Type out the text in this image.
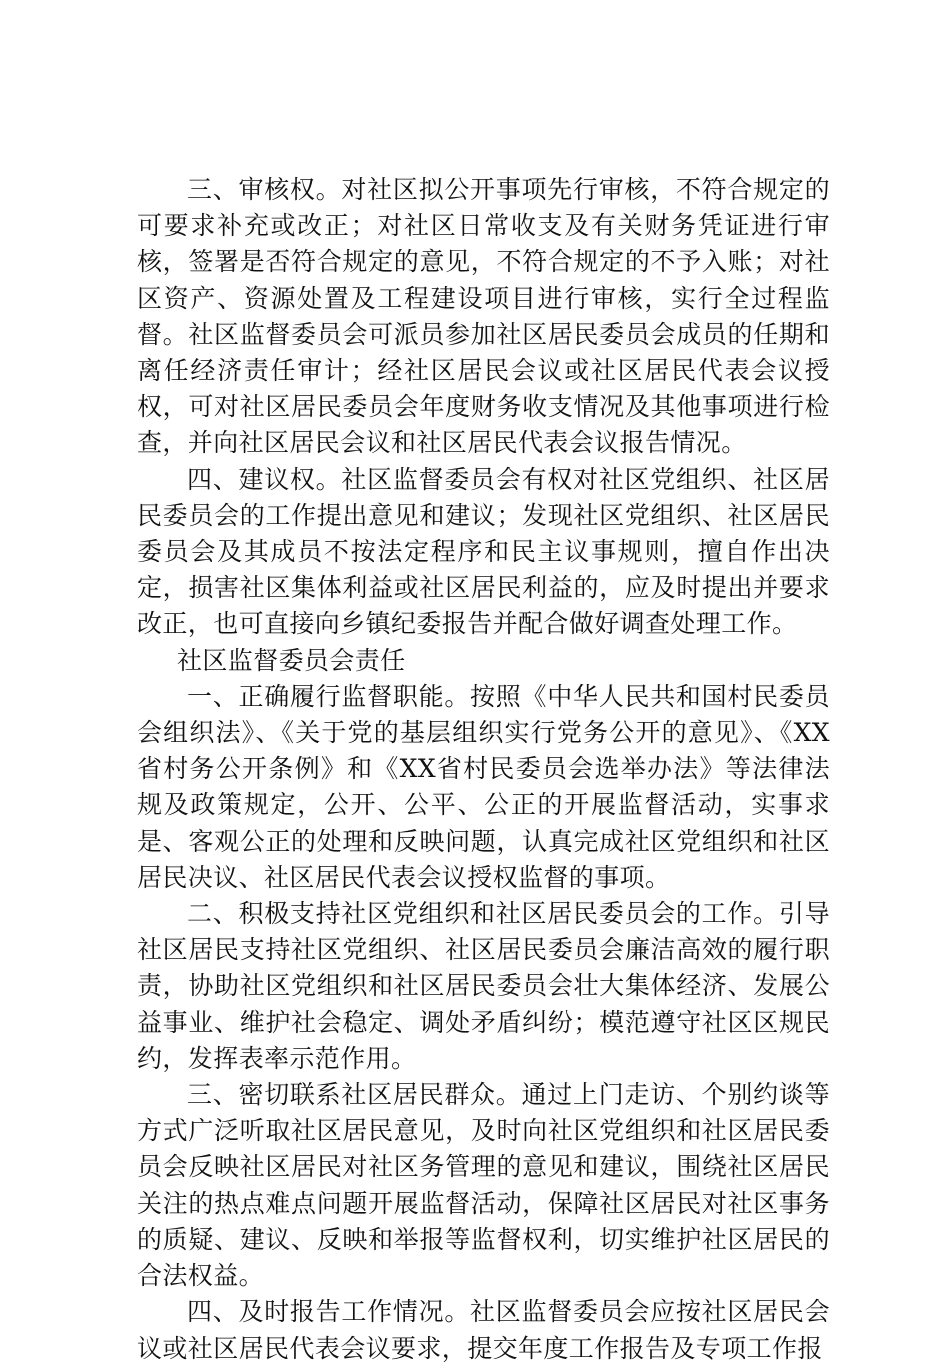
三、审核权。对社区拟公开事项先行审核，不符合规定的可要求补充或改正；对社区日常收支及有关财务凭证进行审核，签署是否符合规定的意见，不符合规定的不予入账；对社区资产、资源处置及工程建设项目进行审核，实行全过程监督。社区监督委员会可派员参加社区居民委员会成员的任期和离任经济责任审计；经社区居民会议或社区居民代表会议授权，可对社区居民委员会年度财务收支情况及其他事项进行检查，并向社区居民会议和社区居民代表会议报告情况。

四、建议权。社区监督委员会有权对社区党组织、社区居民委员会的工作提出意见和建议；发现社区党组织、社区居民委员会及其成员不按法定程序和民主议事规则，擅自作出决定，损害社区集体利益或社区居民利益的，应及时提出并要求改正，也可直接向乡镇纪委报告并配合做好调查处理工作。

社区监督委员会责任

一、正确履行监督职能。按照《中华人民共和国村民委员会组织法》、《关于党的基层组织实行党务公开的意见》、《XX省村务公开条例》和《XX省村民委员会选举办法》等法律法规及政策规定，公开、公平、公正的开展监督活动，实事求是、客观公正的处理和反映问题，认真完成社区党组织和社区居民决议、社区居民代表会议授权监督的事项。

二、积极支持社区党组织和社区居民委员会的工作。引导社区居民支持社区党组织、社区居民委员会廉洁高效的履行职责，协助社区党组织和社区居民委员会壮大集体经济、发展公益事业、维护社会稳定、调处矛盾纠纷；模范遵守社区区规民约，发挥表率示范作用。

三、密切联系社区居民群众。通过上门走访、个别约谈等方式广泛听取社区居民意见，及时向社区党组织和社区居民委员会反映社区居民对社区务管理的意见和建议，围绕社区居民关注的热点难点问题开展监督活动，保障社区居民对社区事务的质疑、建议、反映和举报等监督权利，切实维护社区居民的合法权益。

四、及时报告工作情况。社区监督委员会应按社区居民会议或社区居民代表会议要求，提交年度工作报告及专项工作报
